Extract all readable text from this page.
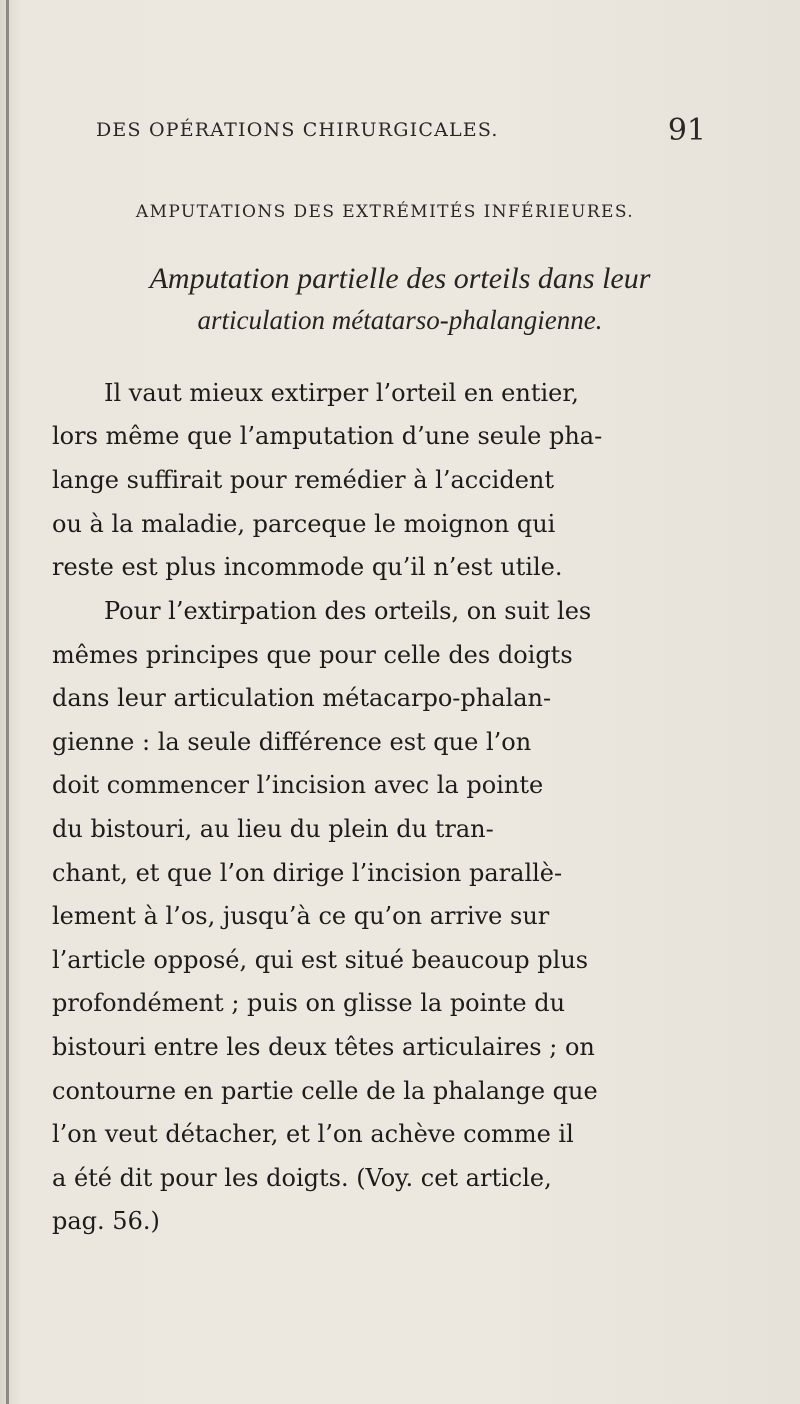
DES OPÉRATIONS CHIRURGICALES.	91
AMPUTATIONS DES EXTRÉMITÉS INFÉRIEURES.
Amputation partielle des orteils dans leur
articulation métatarso-phalangienne.
Il vaut mieux extirper l’orteil en entier,
lors même que l’amputation d’une seule pha-
lange suffirait pour remédier à l’accident
ou à la maladie, parceque le moignon qui
reste est plus incommode qu’il n’est utile.
Pour l’extirpation des orteils, on suit les
mêmes principes que pour celle des doigts
dans leur articulation métacarpo-phalan-
gienne : la seule différence est que l’on
doit commencer l’incision avec la pointe
du bistouri, au lieu du plein du tran-
chant, et que l’on dirige l’incision parallè-
lement à l’os, jusqu’à ce qu’on arrive sur
l’article opposé, qui est situé beaucoup plus
profondément ; puis on glisse la pointe du
bistouri entre les deux têtes articulaires ; on
contourne en partie celle de la phalange que
l’on veut détacher, et l’on achève comme il
a été dit pour les doigts. (Voy. cet article,
pag. 56.)
